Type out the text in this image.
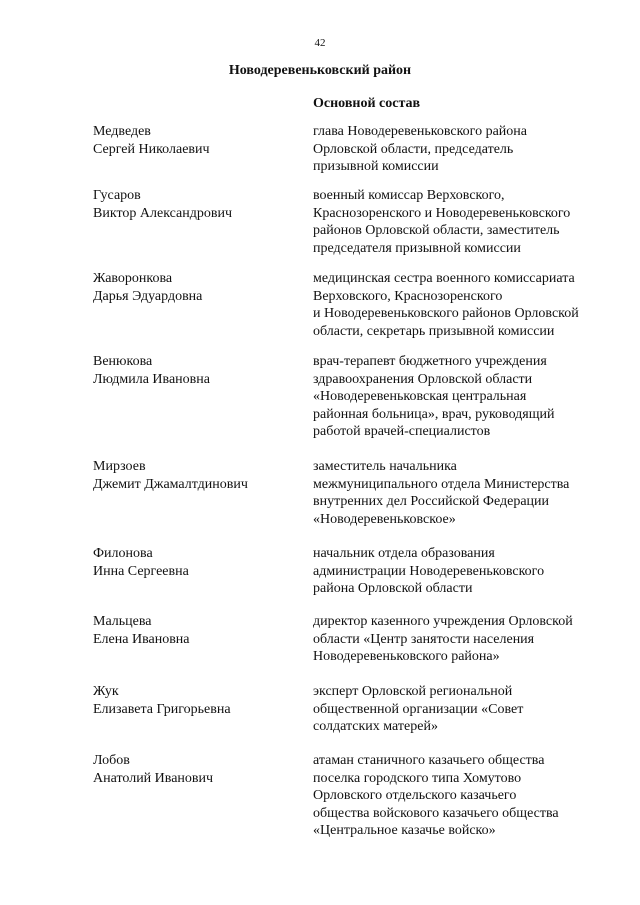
42
Новодеревеньковский район
Основной состав
Медведев
Сергей Николаевич
глава Новодеревеньковского района
Орловской области, председатель
призывной комиссии
Гусаров
Виктор Александрович
военный комиссар Верховского,
Краснозоренского и Новодеревеньковского
районов Орловской области, заместитель
председателя призывной комиссии
Жаворонкова
Дарья Эдуардовна
медицинская сестра военного комиссариата
Верховского, Краснозоренского
и Новодеревеньковского районов Орловской
области, секретарь призывной комиссии
Венюкова
Людмила Ивановна
врач-терапевт бюджетного учреждения
здравоохранения Орловской области
«Новодеревеньковская центральная
районная больница», врач, руководящий
работой врачей-специалистов
Мирзоев
Джемит Джамалтдинович
заместитель начальника
межмуниципального отдела Министерства
внутренних дел Российской Федерации
«Новодеревеньковское»
Филонова
Инна Сергеевна
начальник отдела образования
администрации Новодеревеньковского
района Орловской области
Мальцева
Елена Ивановна
директор казенного учреждения Орловской
области «Центр занятости населения
Новодеревеньковского района»
Жук
Елизавета Григорьевна
эксперт Орловской региональной
общественной организации «Совет
солдатских матерей»
Лобов
Анатолий Иванович
атаман станичного казачьего общества
поселка городского типа Хомутово
Орловского отдельского казачьего
общества войскового казачьего общества
«Центральное казачье войско»
